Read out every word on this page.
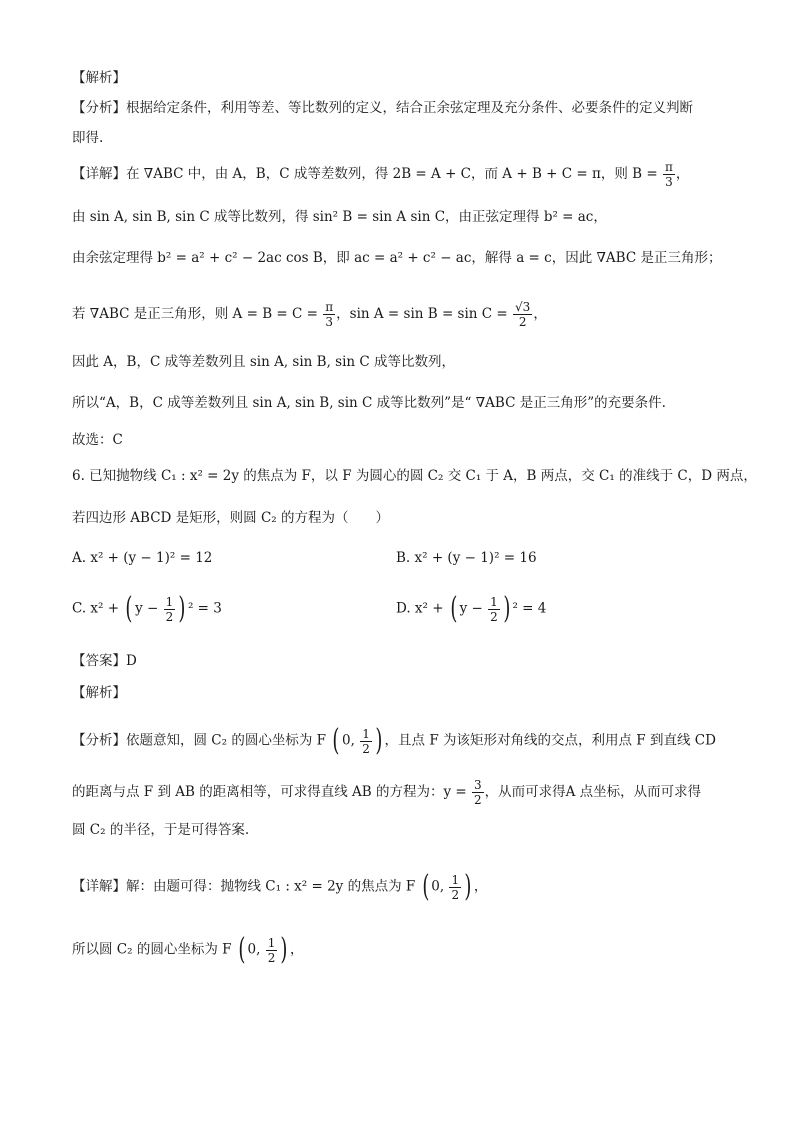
【解析】
【分析】根据给定条件，利用等差、等比数列的定义，结合正余弦定理及充分条件、必要条件的定义判断
即得.
【详解】在 ∇ABC 中，由 A，B，C 成等差数列，得 2B = A + C，而 A + B + C = π，则 $B = \frac{\pi}{3}$ ，
由 sin A, sin B, sin C 成等比数列，得 sin² B = sin A sin C，由正弦定理得 b² = ac，
由余弦定理得 b² = a² + c² − 2ac cos B，即 ac = a² + c² − ac，解得 a = c，因此 ∇ABC 是正三角形；
若 ∇ABC 是正三角形，则 $A = B = C = \frac{\pi}{3}$ ，$\sin A = \sin B = \sin C = \frac{√3}{2}$ ，
因此 A，B，C 成等差数列且 sin A, sin B, sin C 成等比数列，
所以“A，B，C 成等差数列且 sin A, sin B, sin C 成等比数列”是“ ∇ABC 是正三角形”的充要条件.
故选：C
6. 已知抛物线 C₁ : x² = 2y 的焦点为 F，以 F 为圆心的圆 C₂ 交 C₁ 于 A，B 两点，交 C₁ 的准线于 C，D 两点，
若四边形 ABCD 是矩形，则圆 C₂ 的方程为（　　）
A. x² + (y − 1)² = 12	B. x² + (y − 1)² = 16
C. x² + ( $y - \frac{1}{2}$ ) ² = 3	D. x² + ( $y - \frac{1}{2}$ ) ² = 4
【答案】D
【解析】
【分析】依题意知，圆 C₂ 的圆心坐标为 F ( 0, $\frac{1}{2}$ ) ，且点 F 为该矩形对角线的交点，利用点 F 到直线 CD
的距离与点 F 到 AB 的距离相等，可求得直线 AB 的方程为：$y = \frac{3}{2}$ ，从而可求得A 点坐标，从而可求得
圆 C₂ 的半径，于是可得答案.
【详解】解：由题可得：抛物线 C₁ : x² = 2y 的焦点为 F ( 0, $\frac{1}{2}$ ) ，
所以圆 C₂ 的圆心坐标为 F ( 0, $\frac{1}{2}$ ) ，
